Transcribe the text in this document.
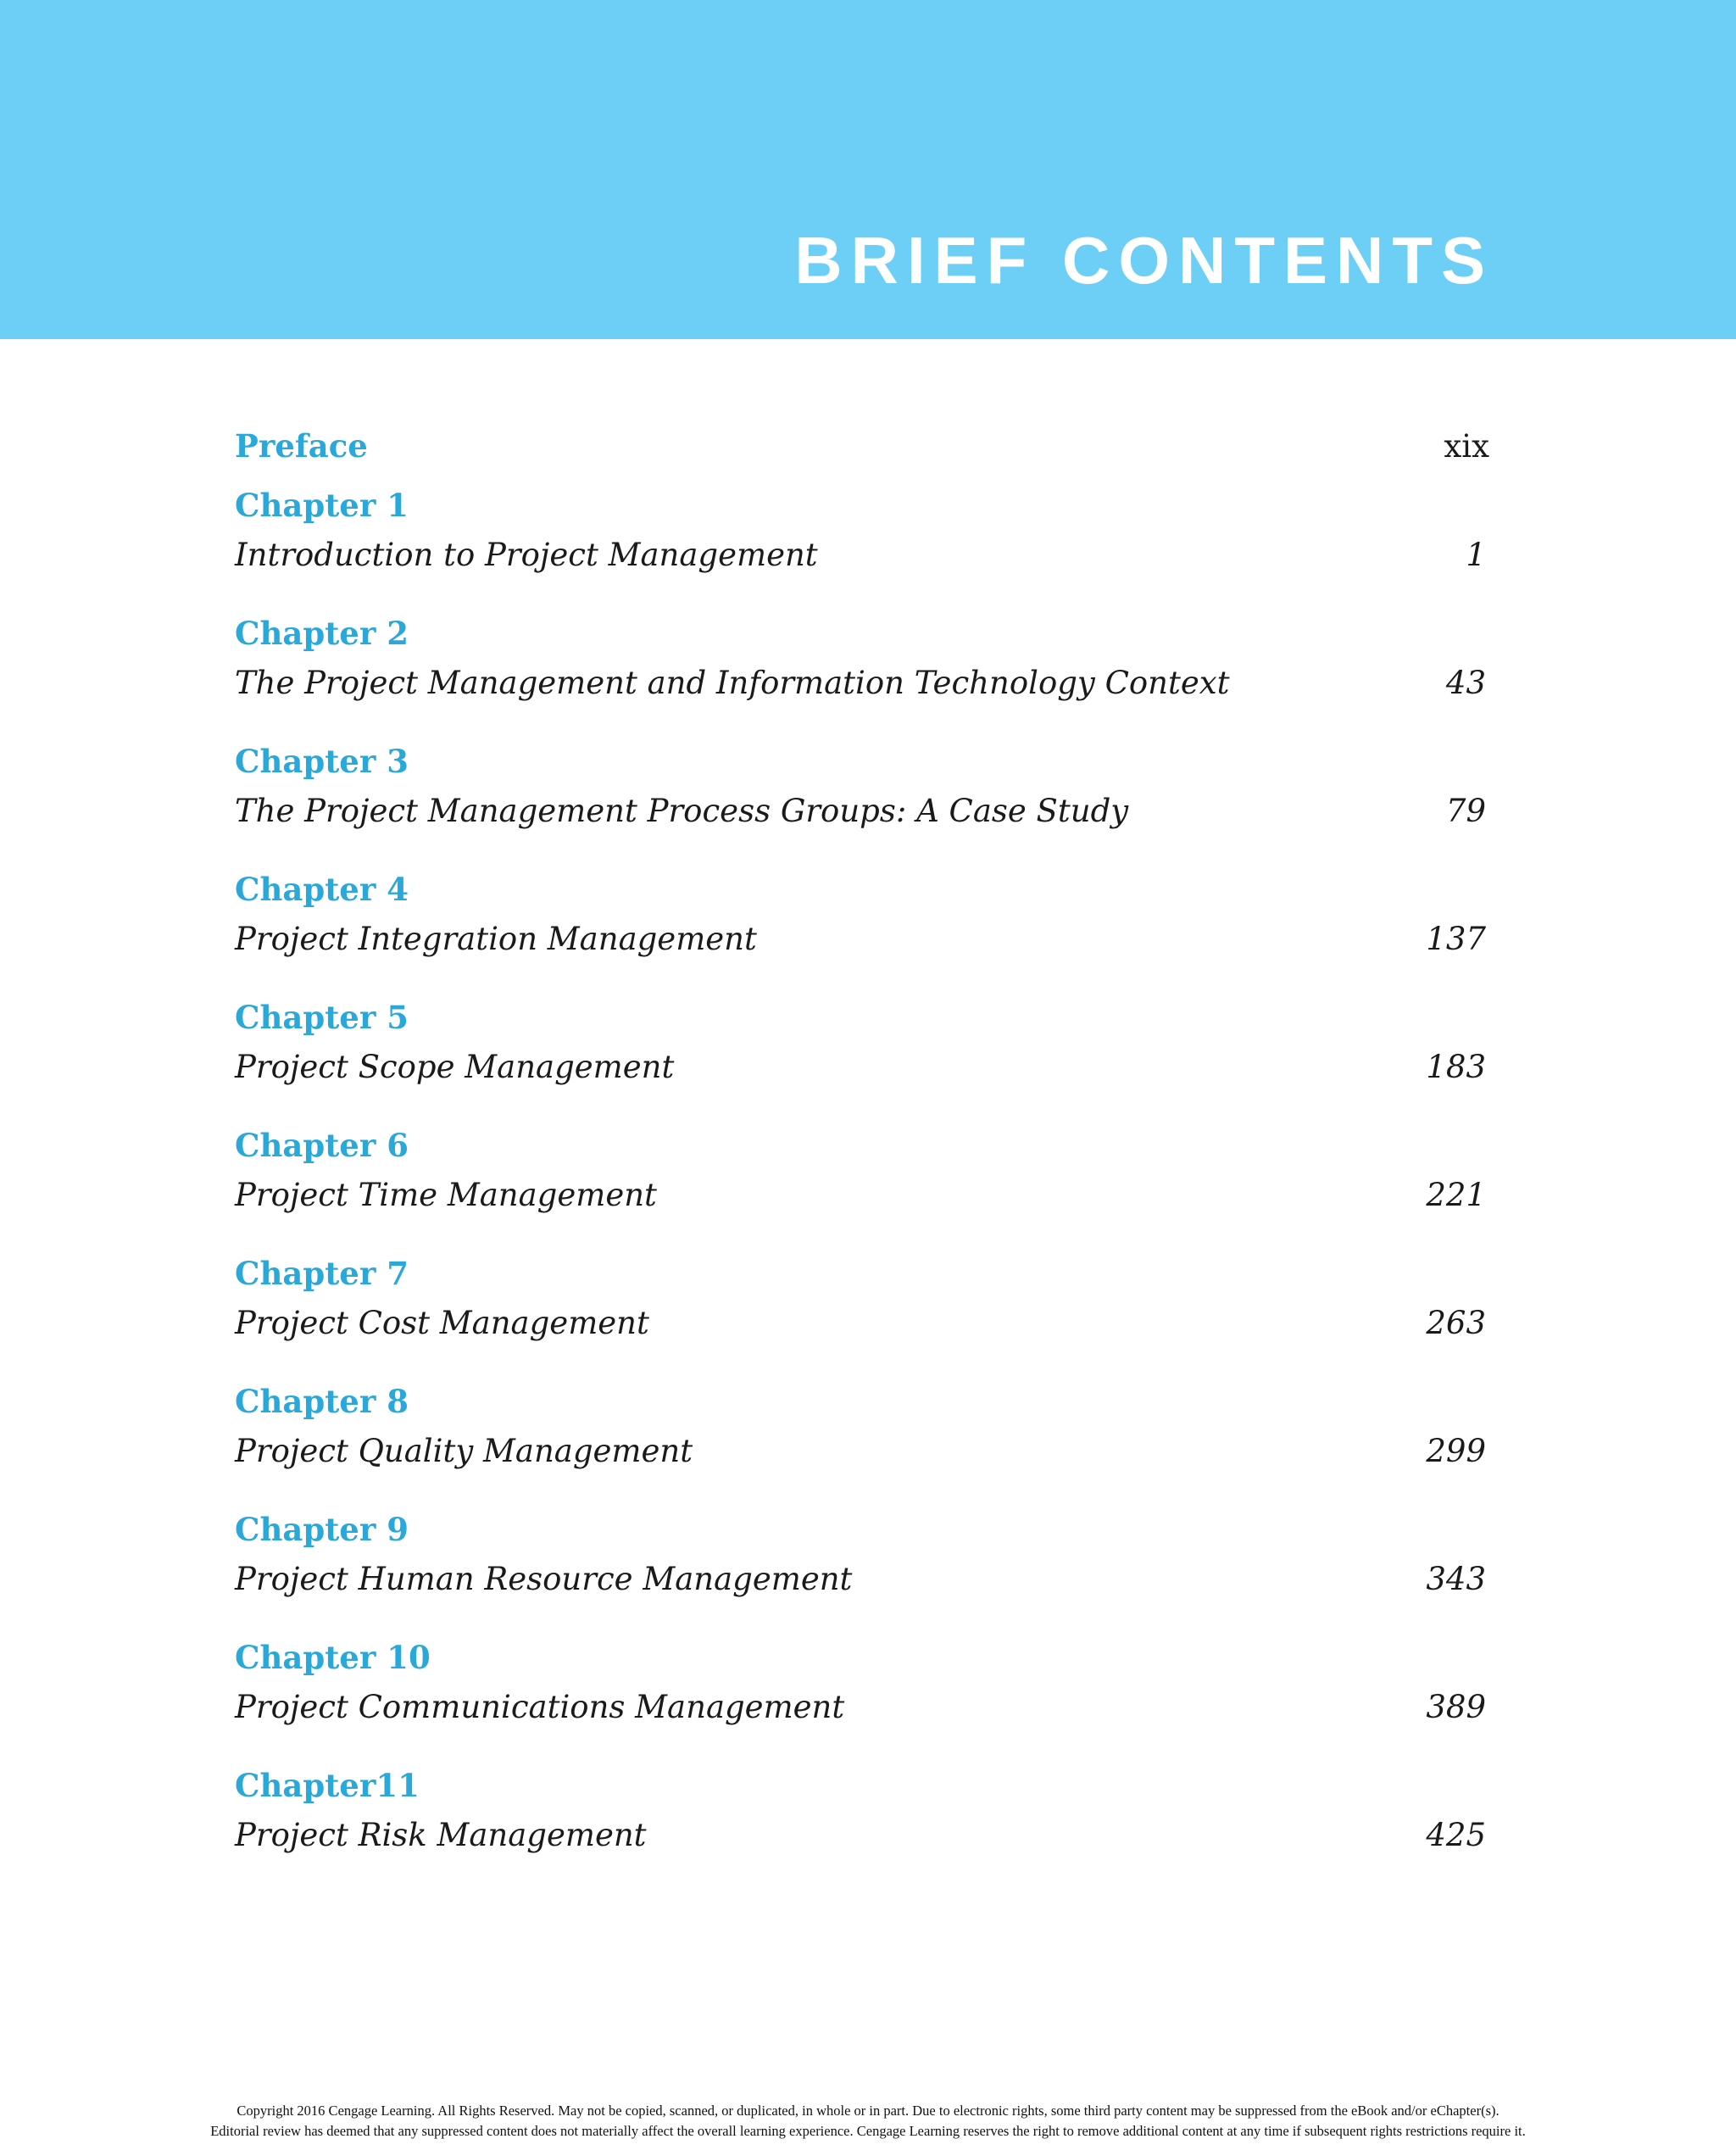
BRIEF CONTENTS
Preface	xix
Chapter 1
Introduction to Project Management	1
Chapter 2
The Project Management and Information Technology Context	43
Chapter 3
The Project Management Process Groups: A Case Study	79
Chapter 4
Project Integration Management	137
Chapter 5
Project Scope Management	183
Chapter 6
Project Time Management	221
Chapter 7
Project Cost Management	263
Chapter 8
Project Quality Management	299
Chapter 9
Project Human Resource Management	343
Chapter 10
Project Communications Management	389
Chapter11
Project Risk Management	425
Copyright 2016 Cengage Learning. All Rights Reserved. May not be copied, scanned, or duplicated, in whole or in part. Due to electronic rights, some third party content may be suppressed from the eBook and/or eChapter(s).
Editorial review has deemed that any suppressed content does not materially affect the overall learning experience. Cengage Learning reserves the right to remove additional content at any time if subsequent rights restrictions require it.
